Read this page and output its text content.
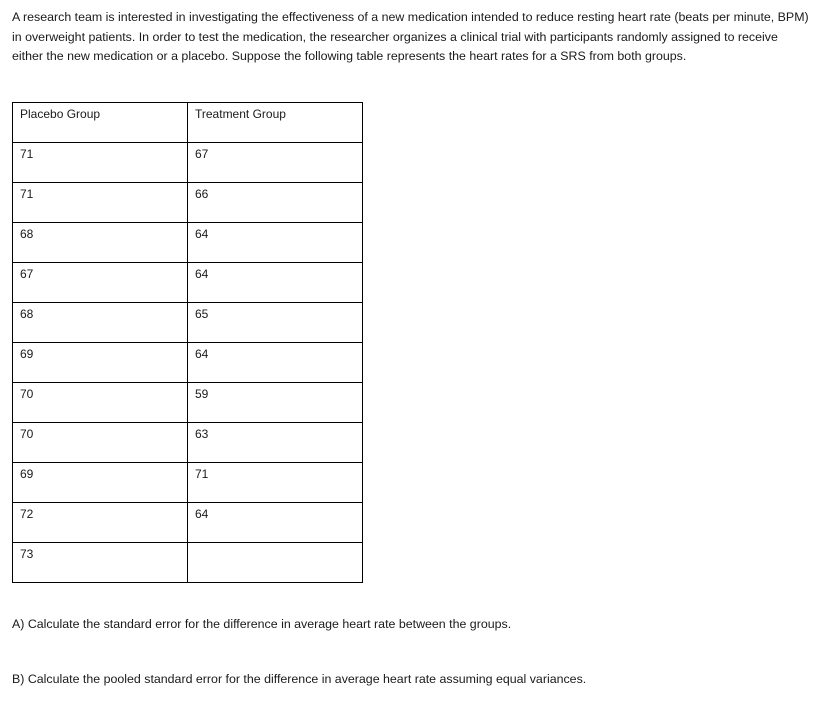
A research team is interested in investigating the effectiveness of a new medication intended to reduce resting heart rate (beats per minute, BPM) in overweight patients. In order to test the medication, the researcher organizes a clinical trial with participants randomly assigned to receive either the new medication or a placebo. Suppose the following table represents the heart rates for a SRS from both groups.

Placebo Group	Treatment Group
71	67
71	66
68	64
67	64
68	65
69	64
70	59
70	63
69	71
72	64
73	

A) Calculate the standard error for the difference in average heart rate between the groups.

B) Calculate the pooled standard error for the difference in average heart rate assuming equal variances.
